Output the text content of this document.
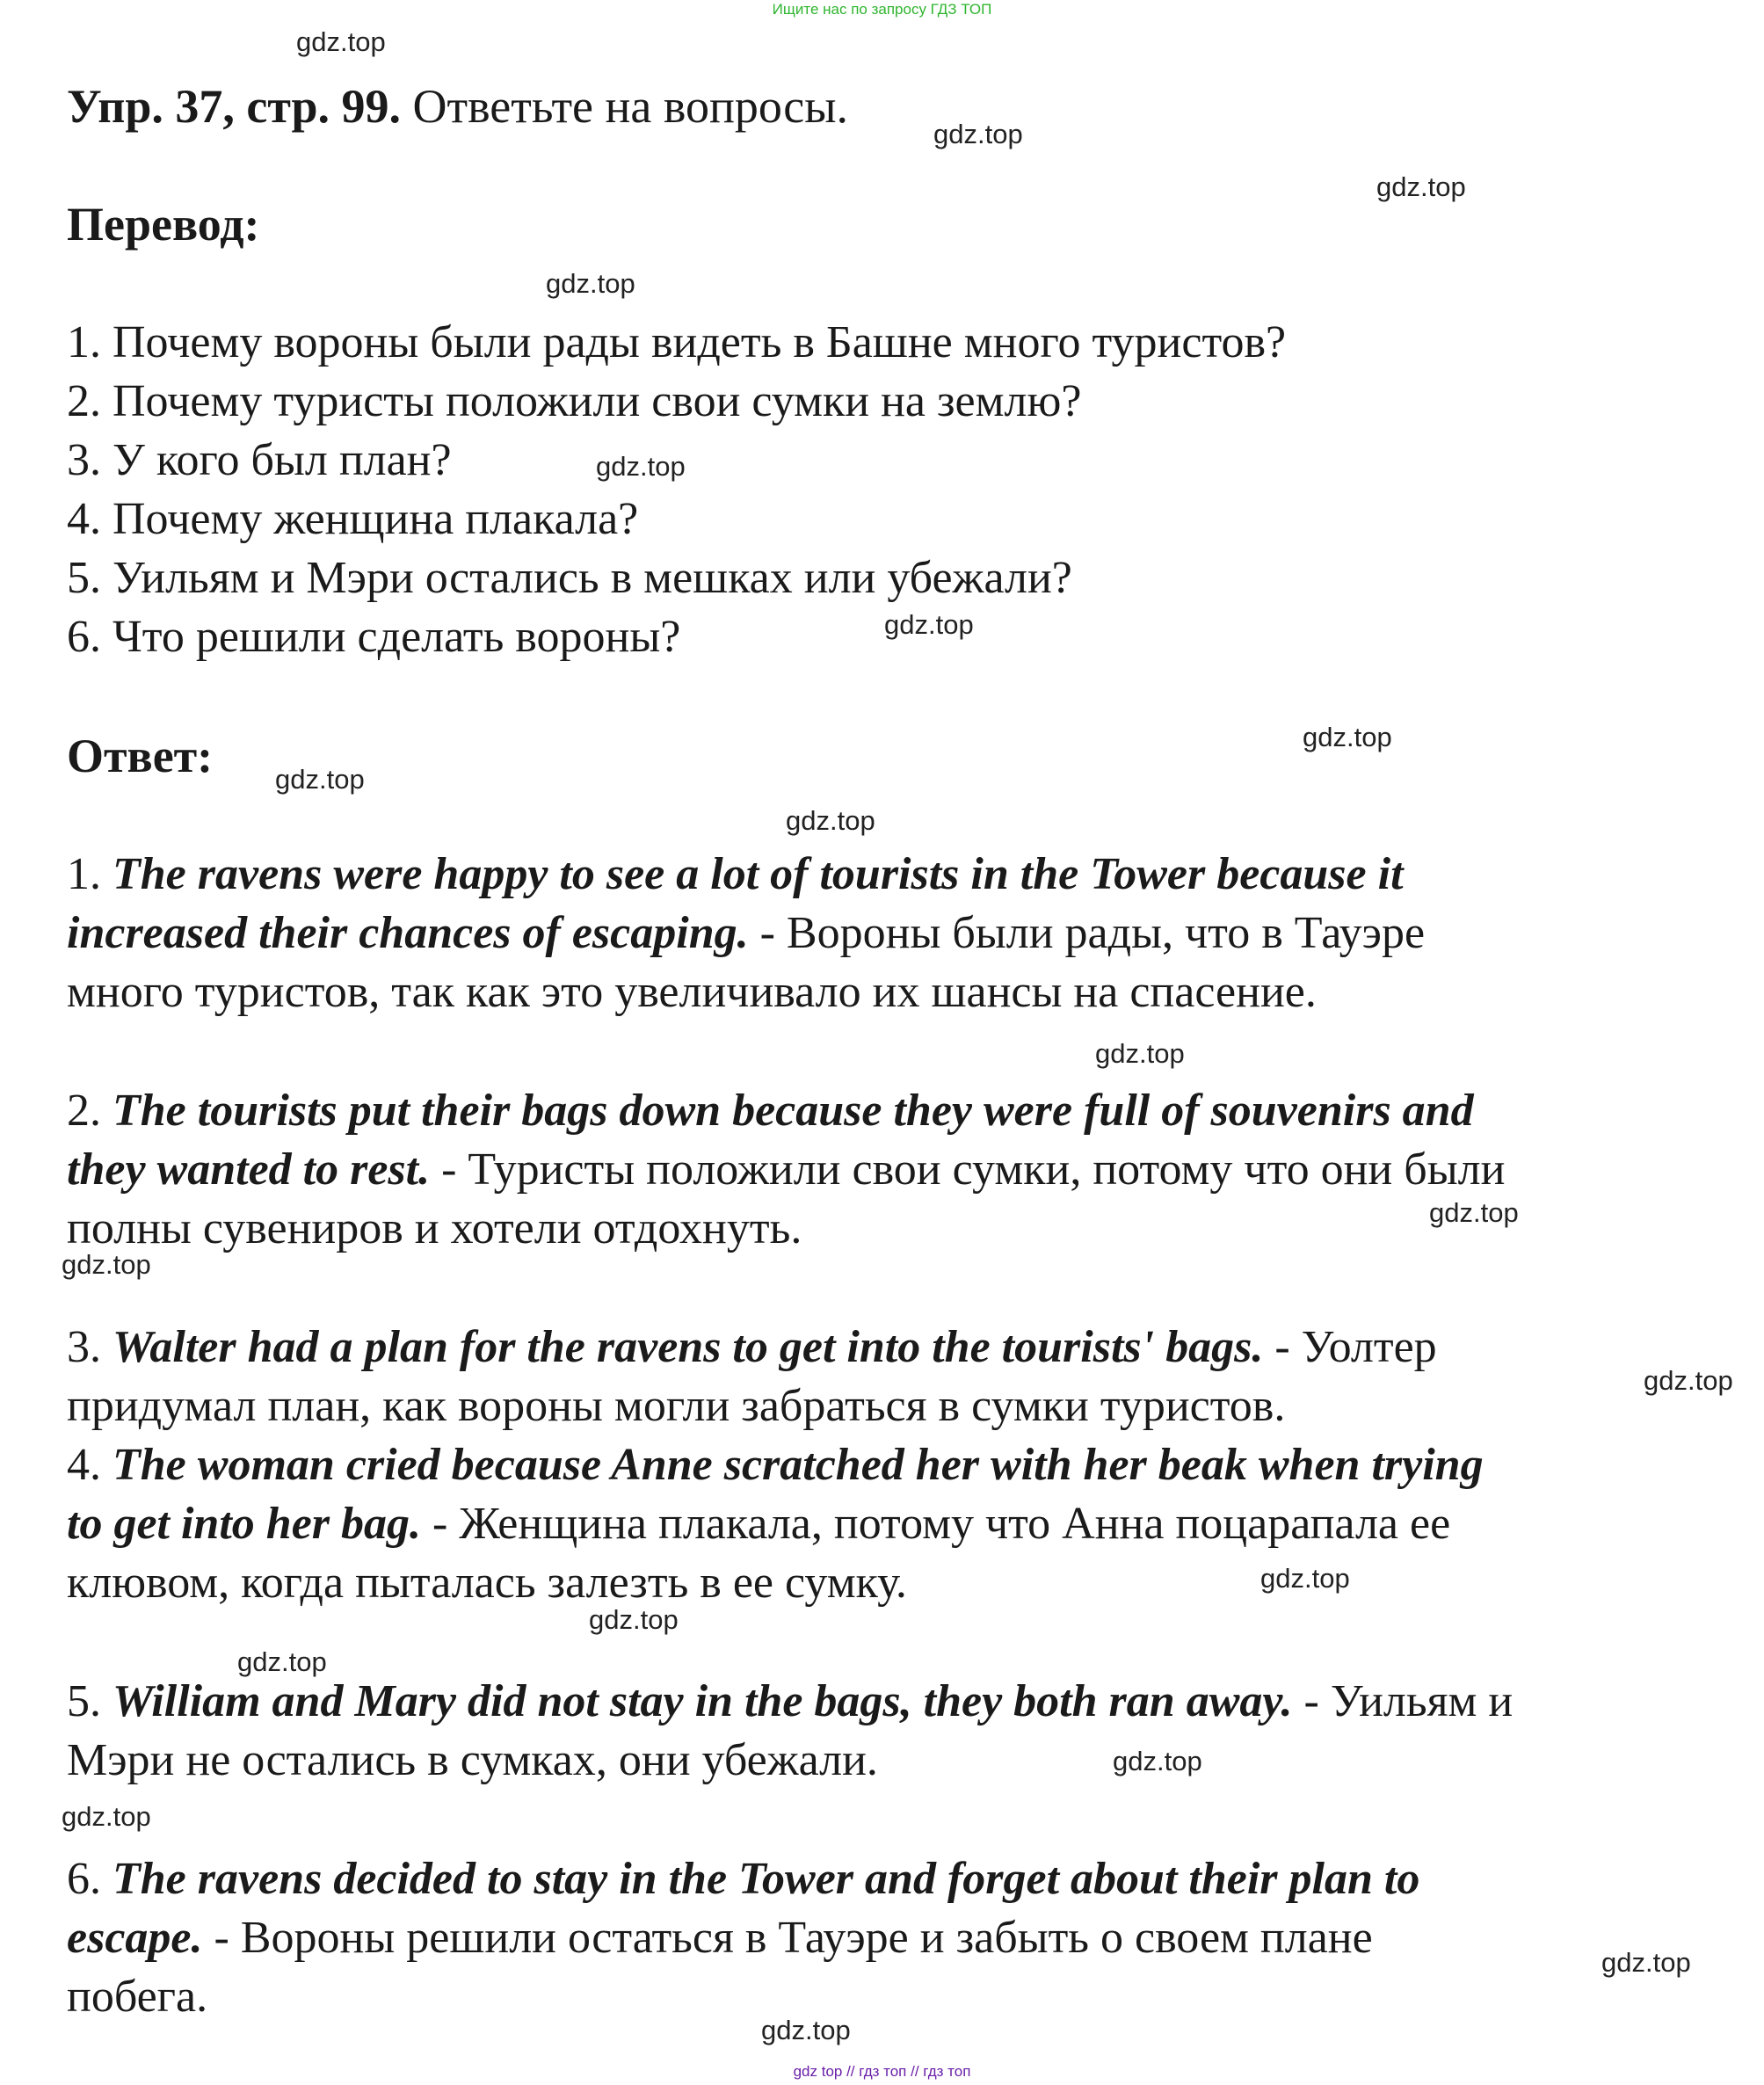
Ищите нас по запросу ГДЗ ТОП
Упр. 37, стр. 99. Ответьте на вопросы.
Перевод:
1. Почему вороны были рады видеть в Башне много туристов?
2. Почему туристы положили свои сумки на землю?
3. У кого был план?
4. Почему женщина плакала?
5. Уильям и Мэри остались в мешках или убежали?
6. Что решили сделать вороны?
Ответ:
1. The ravens were happy to see a lot of tourists in the Tower because it
increased their chances of escaping. - Вороны были рады, что в Тауэре
много туристов, так как это увеличивало их шансы на спасение.
2. The tourists put their bags down because they were full of souvenirs and
they wanted to rest. - Туристы положили свои сумки, потому что они были
полны сувениров и хотели отдохнуть.
3. Walter had a plan for the ravens to get into the tourists' bags. - Уолтер
придумал план, как вороны могли забраться в сумки туристов.
4. The woman cried because Anne scratched her with her beak when trying
to get into her bag. - Женщина плакала, потому что Анна поцарапала ее
клювом, когда пыталась залезть в ее сумку.
5. William and Mary did not stay in the bags, they both ran away. - Уильям и
Мэри не остались в сумках, они убежали.
6. The ravens decided to stay in the Tower and forget about their plan to
escape. - Вороны решили остаться в Тауэре и забыть о своем плане
побега.
gdz.top
gdz.top
gdz.top
gdz.top
gdz.top
gdz.top
gdz.top
gdz.top
gdz.top
gdz.top
gdz.top
gdz.top
gdz.top
gdz.top
gdz.top
gdz.top
gdz.top
gdz.top
gdz.top
gdz.top
gdz top // гдз топ // гдз топ
